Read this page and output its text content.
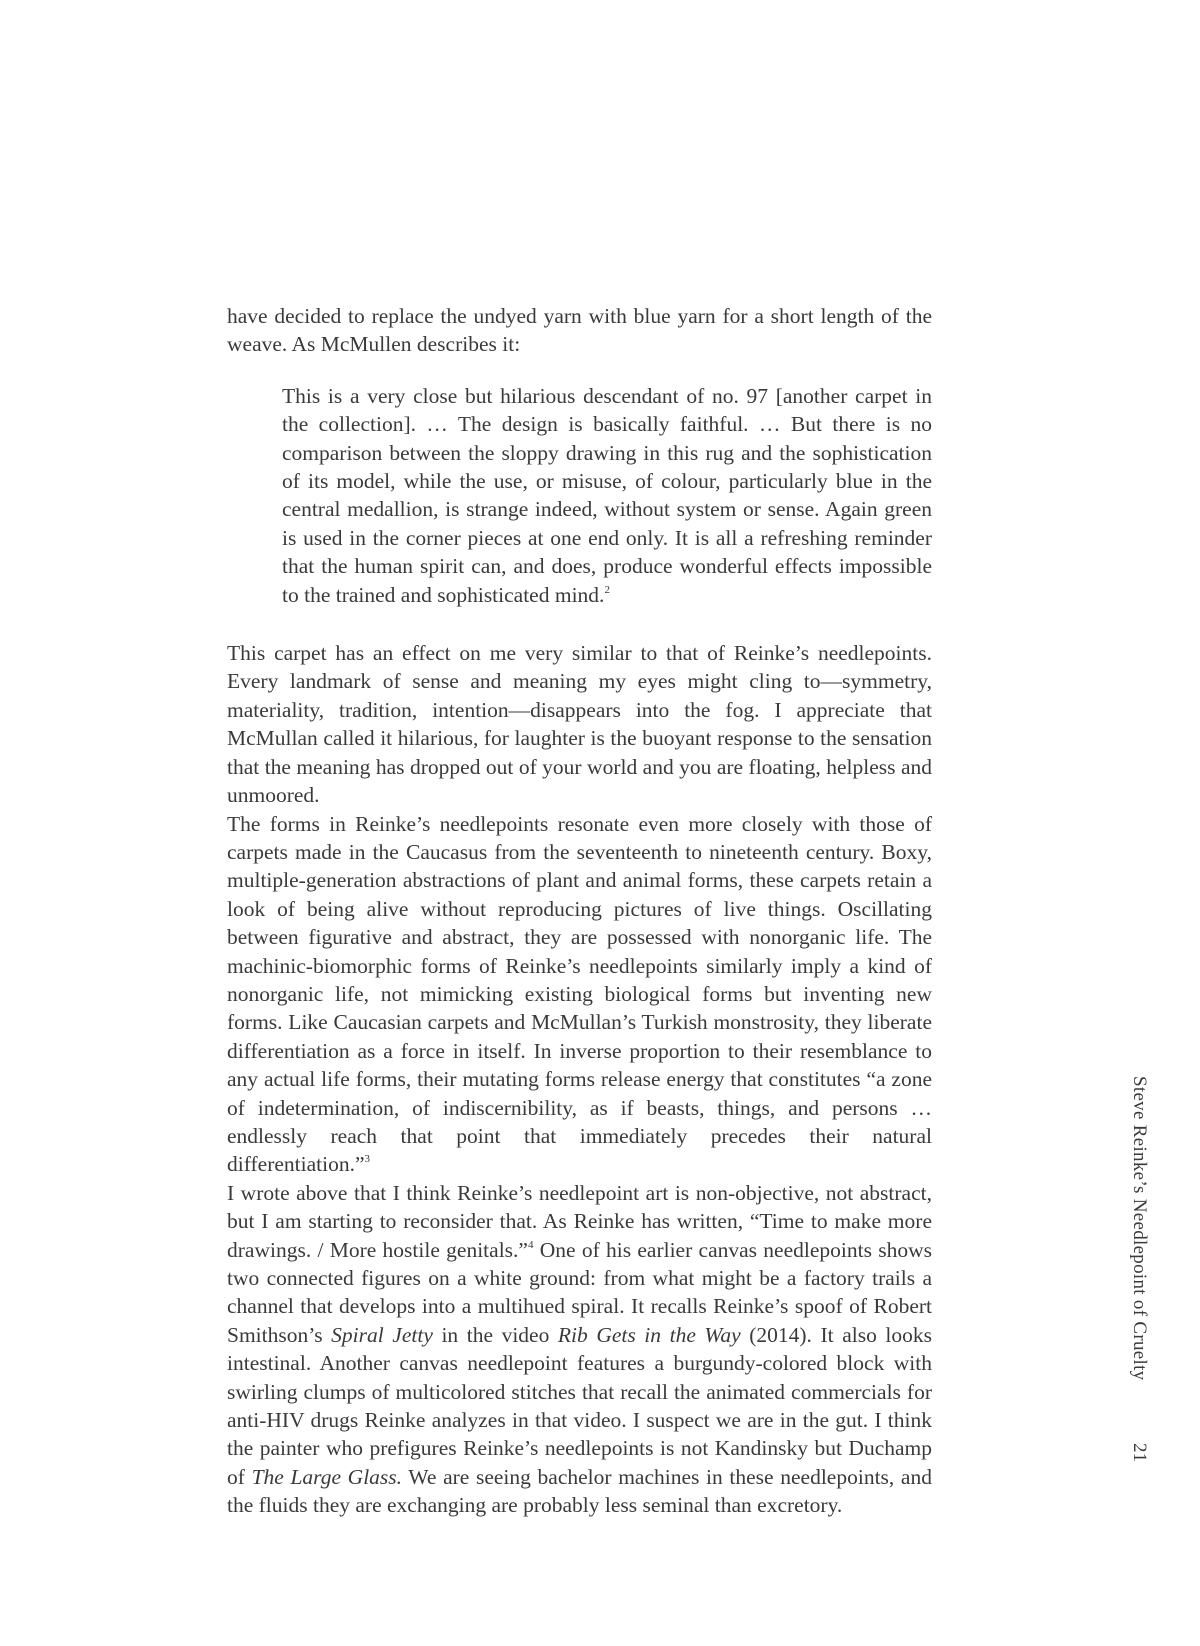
have decided to replace the undyed yarn with blue yarn for a short length of the weave. As McMullen describes it:

This is a very close but hilarious descendant of no. 97 [another carpet in the collection]. … The design is basically faithful. … But there is no comparison between the sloppy drawing in this rug and the sophistication of its model, while the use, or misuse, of colour, particularly blue in the central medallion, is strange indeed, without system or sense. Again green is used in the corner pieces at one end only. It is all a refreshing reminder that the human spirit can, and does, produce wonderful effects impossible to the trained and sophisticated mind.$^2$

This carpet has an effect on me very similar to that of Reinke’s needlepoints. Every landmark of sense and meaning my eyes might cling to—symmetry, materiality, tradition, intention—disappears into the fog. I appreciate that McMullan called it hilarious, for laughter is the buoyant response to the sensation that the meaning has dropped out of your world and you are floating, helpless and unmoored.

The forms in Reinke’s needlepoints resonate even more closely with those of carpets made in the Caucasus from the seventeenth to nineteenth century. Boxy, multiple-generation abstractions of plant and animal forms, these carpets retain a look of being alive without reproducing pictures of live things. Oscillating between figurative and abstract, they are possessed with nonorganic life. The machinic-biomorphic forms of Reinke’s needlepoints similarly imply a kind of nonorganic life, not mimicking existing biological forms but inventing new forms. Like Caucasian carpets and McMullan’s Turkish monstrosity, they liberate differentiation as a force in itself. In inverse proportion to their resemblance to any actual life forms, their mutating forms release energy that constitutes “a zone of indetermination, of indiscernibility, as if beasts, things, and persons … endlessly reach that point that immediately precedes their natural differentiation.”$^3$

I wrote above that I think Reinke’s needlepoint art is non-objective, not abstract, but I am starting to reconsider that. As Reinke has written, “Time to make more drawings. / More hostile genitals.”$^4$ One of his earlier canvas needlepoints shows two connected figures on a white ground: from what might be a factory trails a channel that develops into a multihued spiral. It recalls Reinke’s spoof of Robert Smithson’s Spiral Jetty in the video Rib Gets in the Way (2014). It also looks intestinal. Another canvas needlepoint features a burgundy-colored block with swirling clumps of multicolored stitches that recall the animated commercials for anti-HIV drugs Reinke analyzes in that video. I suspect we are in the gut. I think the painter who prefigures Reinke’s needlepoints is not Kandinsky but Duchamp of The Large Glass. We are seeing bachelor machines in these needlepoints, and the fluids they are exchanging are probably less seminal than excretory.

Steve Reinke’s Needlepoint of Cruelty
21
